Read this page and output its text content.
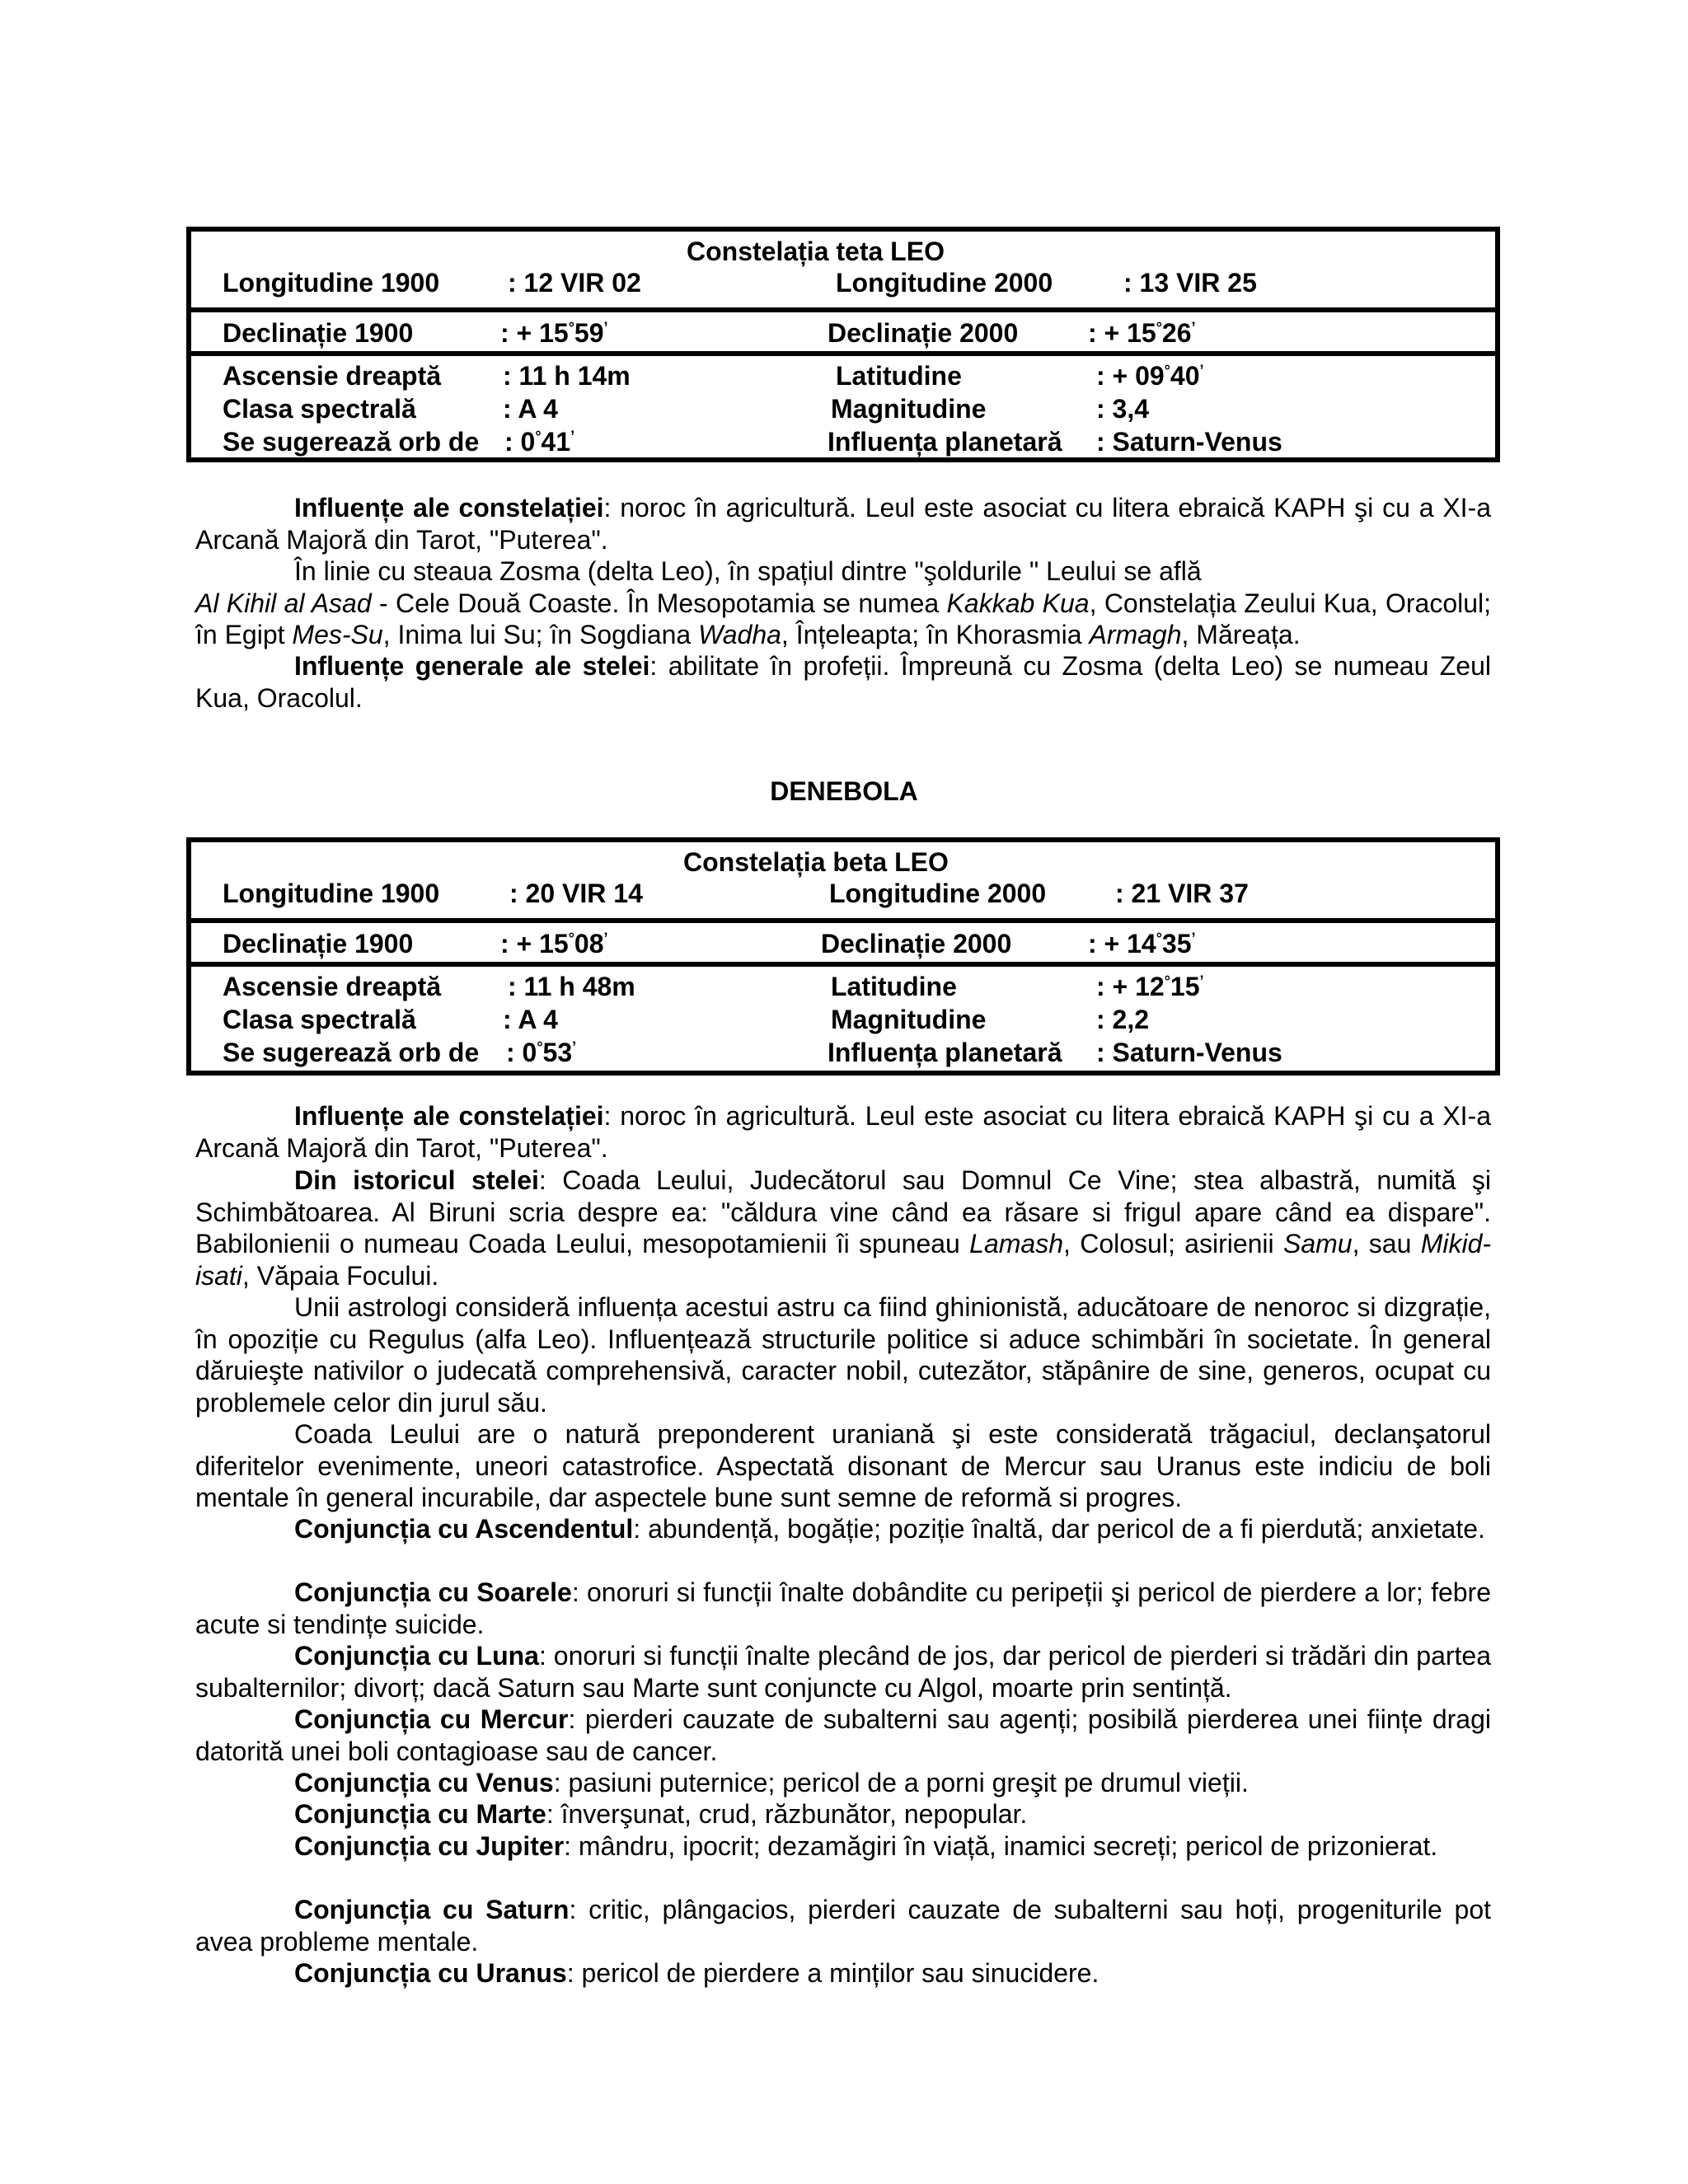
Constelația teta LEO
Longitudine 1900	: 12 VIR 02	Longitudine 2000	: 13 VIR 25
Declinație 1900	: + 15°59’	Declinație 2000	: + 15°26’
Ascensie dreaptă : 11 h 14m	Latitudine	: + 09°40’
Clasa spectrală	: A 4	Magnitudine	: 3,4
Se sugerează orb de : 0°41’	Influența planetară : Saturn-Venus

Influențe ale constelației: noroc în agricultură. Leul este asociat cu litera ebraică KAPH şi cu a XI-a Arcană Majoră din Tarot, "Puterea".

În linie cu steaua Zosma (delta Leo), în spațiul dintre "şoldurile " Leului se află
Al Kihil al Asad - Cele Două Coaste. În Mesopotamia se numea Kakkab Kua, Constelația Zeului Kua, Oracolul; în Egipt Mes-Su, Inima lui Su; în Sogdiana Wadha, Înțeleapta; în Khorasmia Armagh, Măreața.

Influențe generale ale stelei: abilitate în profeții. Împreună cu Zosma (delta Leo) se numeau Zeul Kua, Oracolul.

DENEBOLA
Constelația beta LEO
Longitudine 1900	: 20 VIR 14	Longitudine 2000	: 21 VIR 37
Declinație 1900	: + 15°08’	Declinație 2000	: + 14°35’
Ascensie dreaptă	: 11 h 48m	Latitudine	: + 12°15’
Clasa spectrală	: A 4	Magnitudine	: 2,2
Se sugerează orb de : 0°53’	Influența planetară : Saturn-Venus

Influențe ale constelației: noroc în agricultură. Leul este asociat cu litera ebraică KAPH şi cu a XI-a Arcană Majoră din Tarot, "Puterea".

Din istoricul stelei: Coada Leului, Judecătorul sau Domnul Ce Vine; stea albastră, numită şi Schimbătoarea. Al Biruni scria despre ea: "căldura vine când ea răsare si frigul apare când ea dispare". Babilonienii o numeau Coada Leului, mesopotamienii îi spuneau Lamash, Colosul; asirienii Samu, sau Mikid-isati, Văpaia Focului.

Unii astrologi consideră influența acestui astru ca fiind ghinionistă, aducătoare de nenoroc si dizgrație, în opoziție cu Regulus (alfa Leo). Influențează structurile politice si aduce schimbări în societate. În general dăruieşte nativilor o judecată comprehensivă, caracter nobil, cutezător, stăpânire de sine, generos, ocupat cu problemele celor din jurul său.

Coada Leului are o natură preponderent uraniană şi este considerată trăgaciul, declanşatorul diferitelor evenimente, uneori catastrofice. Aspectată disonant de Mercur sau Uranus este indiciu de boli mentale în general incurabile, dar aspectele bune sunt semne de reformă si progres.

Conjuncția cu Ascendentul: abundență, bogăție; poziție înaltă, dar pericol de a fi pierdută; anxietate.

Conjuncția cu Soarele: onoruri si funcții înalte dobândite cu peripeții şi pericol de pierdere a lor; febre acute si tendințe suicide.

Conjuncția cu Luna: onoruri si funcții înalte plecând de jos, dar pericol de pierderi si trădări din partea subalternilor; divorț; dacă Saturn sau Marte sunt conjuncte cu Algol, moarte prin sentință.

Conjuncția cu Mercur: pierderi cauzate de subalterni sau agenți; posibilă pierderea unei ființe dragi datorită unei boli contagioase sau de cancer.

Conjuncția cu Venus: pasiuni puternice; pericol de a porni greşit pe drumul vieții.

Conjuncția cu Marte: înverşunat, crud, răzbunător, nepopular.

Conjuncția cu Jupiter: mândru, ipocrit; dezamăgiri în viață, inamici secreți; pericol de prizonierat.

Conjuncția cu Saturn: critic, plângacios, pierderi cauzate de subalterni sau hoți, progeniturile pot avea probleme mentale.

Conjuncția cu Uranus: pericol de pierdere a minților sau sinucidere.
